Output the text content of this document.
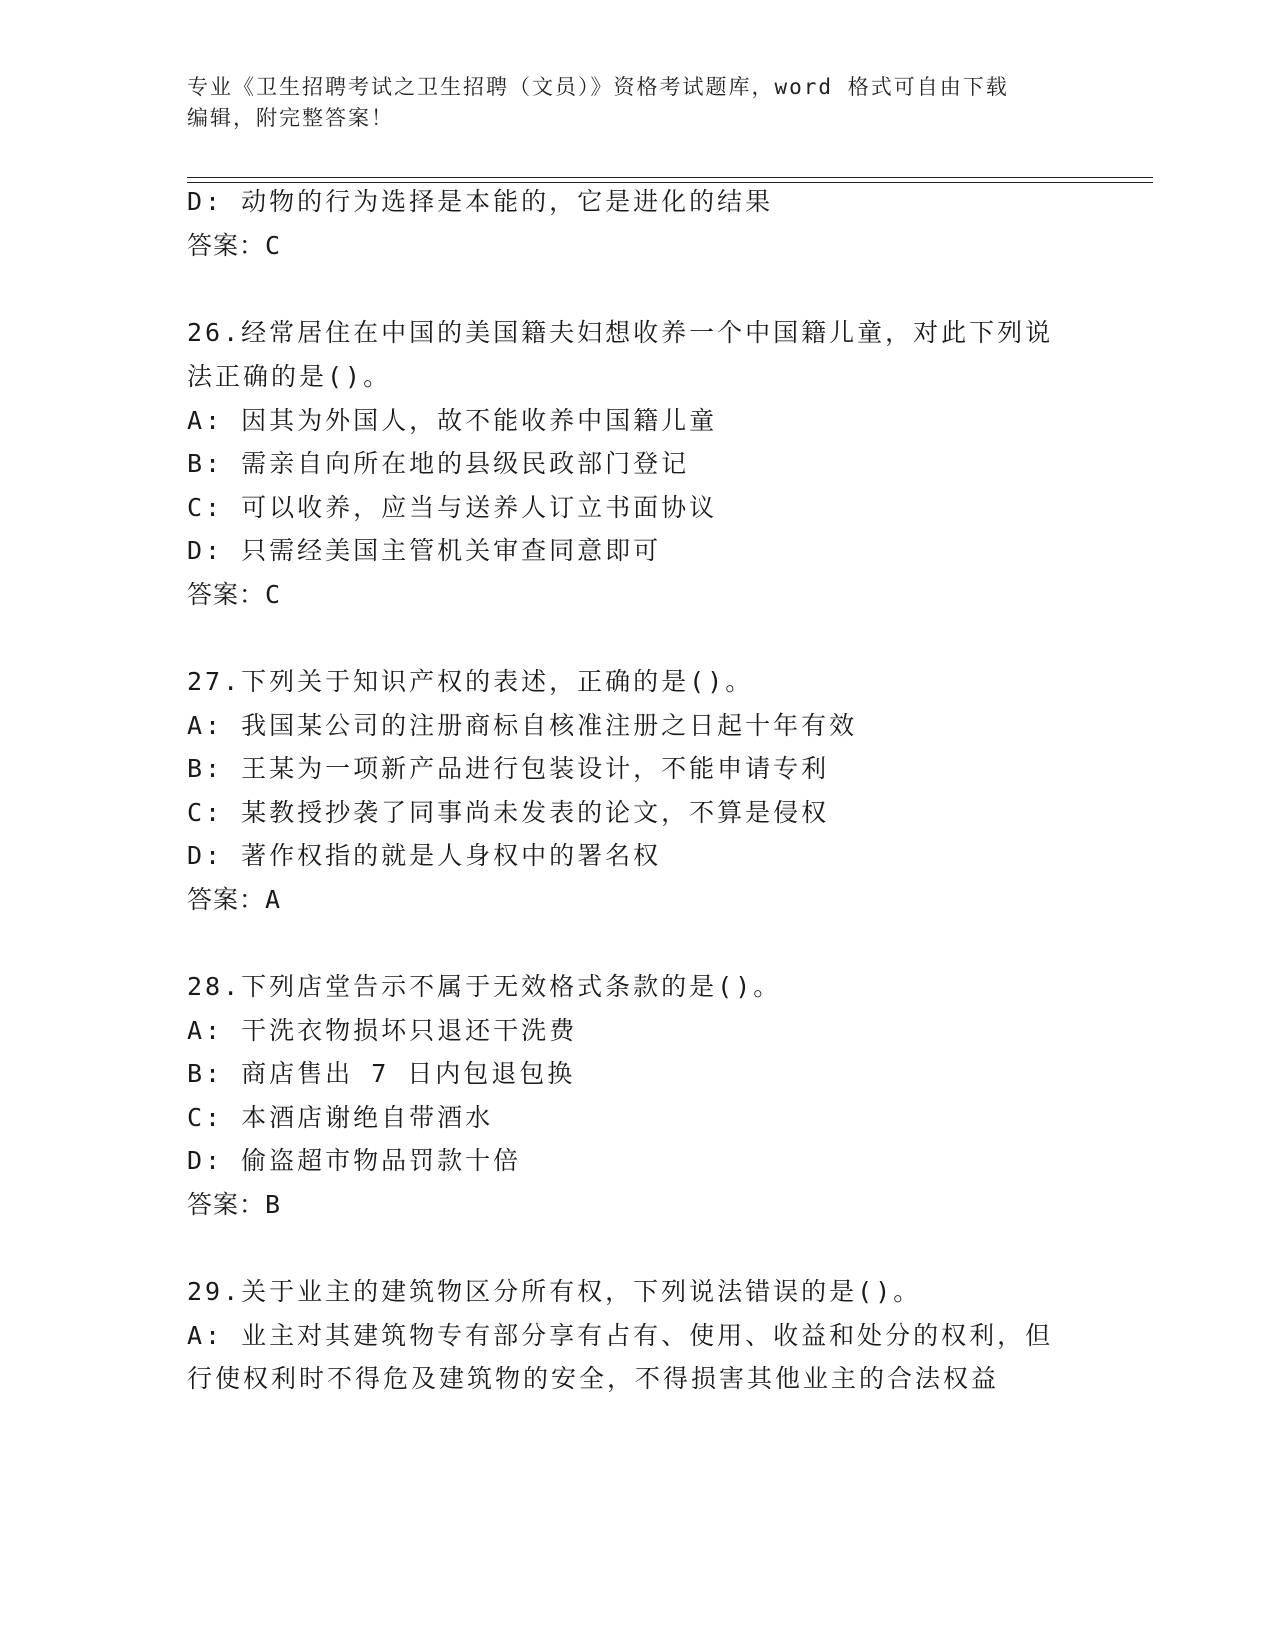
专业《卫生招聘考试之卫生招聘（文员）》资格考试题库，word 格式可自由下载
编辑，附完整答案！
D: 动物的行为选择是本能的，它是进化的结果
答案：C
26.经常居住在中国的美国籍夫妇想收养一个中国籍儿童，对此下列说
法正确的是()。
A: 因其为外国人，故不能收养中国籍儿童
B: 需亲自向所在地的县级民政部门登记
C: 可以收养，应当与送养人订立书面协议
D: 只需经美国主管机关审查同意即可
答案：C
27.下列关于知识产权的表述，正确的是()。
A: 我国某公司的注册商标自核准注册之日起十年有效
B: 王某为一项新产品进行包装设计，不能申请专利
C: 某教授抄袭了同事尚未发表的论文，不算是侵权
D: 著作权指的就是人身权中的署名权
答案：A
28.下列店堂告示不属于无效格式条款的是()。
A: 干洗衣物损坏只退还干洗费
B: 商店售出 7 日内包退包换
C: 本酒店谢绝自带酒水
D: 偷盗超市物品罚款十倍
答案：B
29.关于业主的建筑物区分所有权，下列说法错误的是()。
A: 业主对其建筑物专有部分享有占有、使用、收益和处分的权利，但
行使权利时不得危及建筑物的安全，不得损害其他业主的合法权益
